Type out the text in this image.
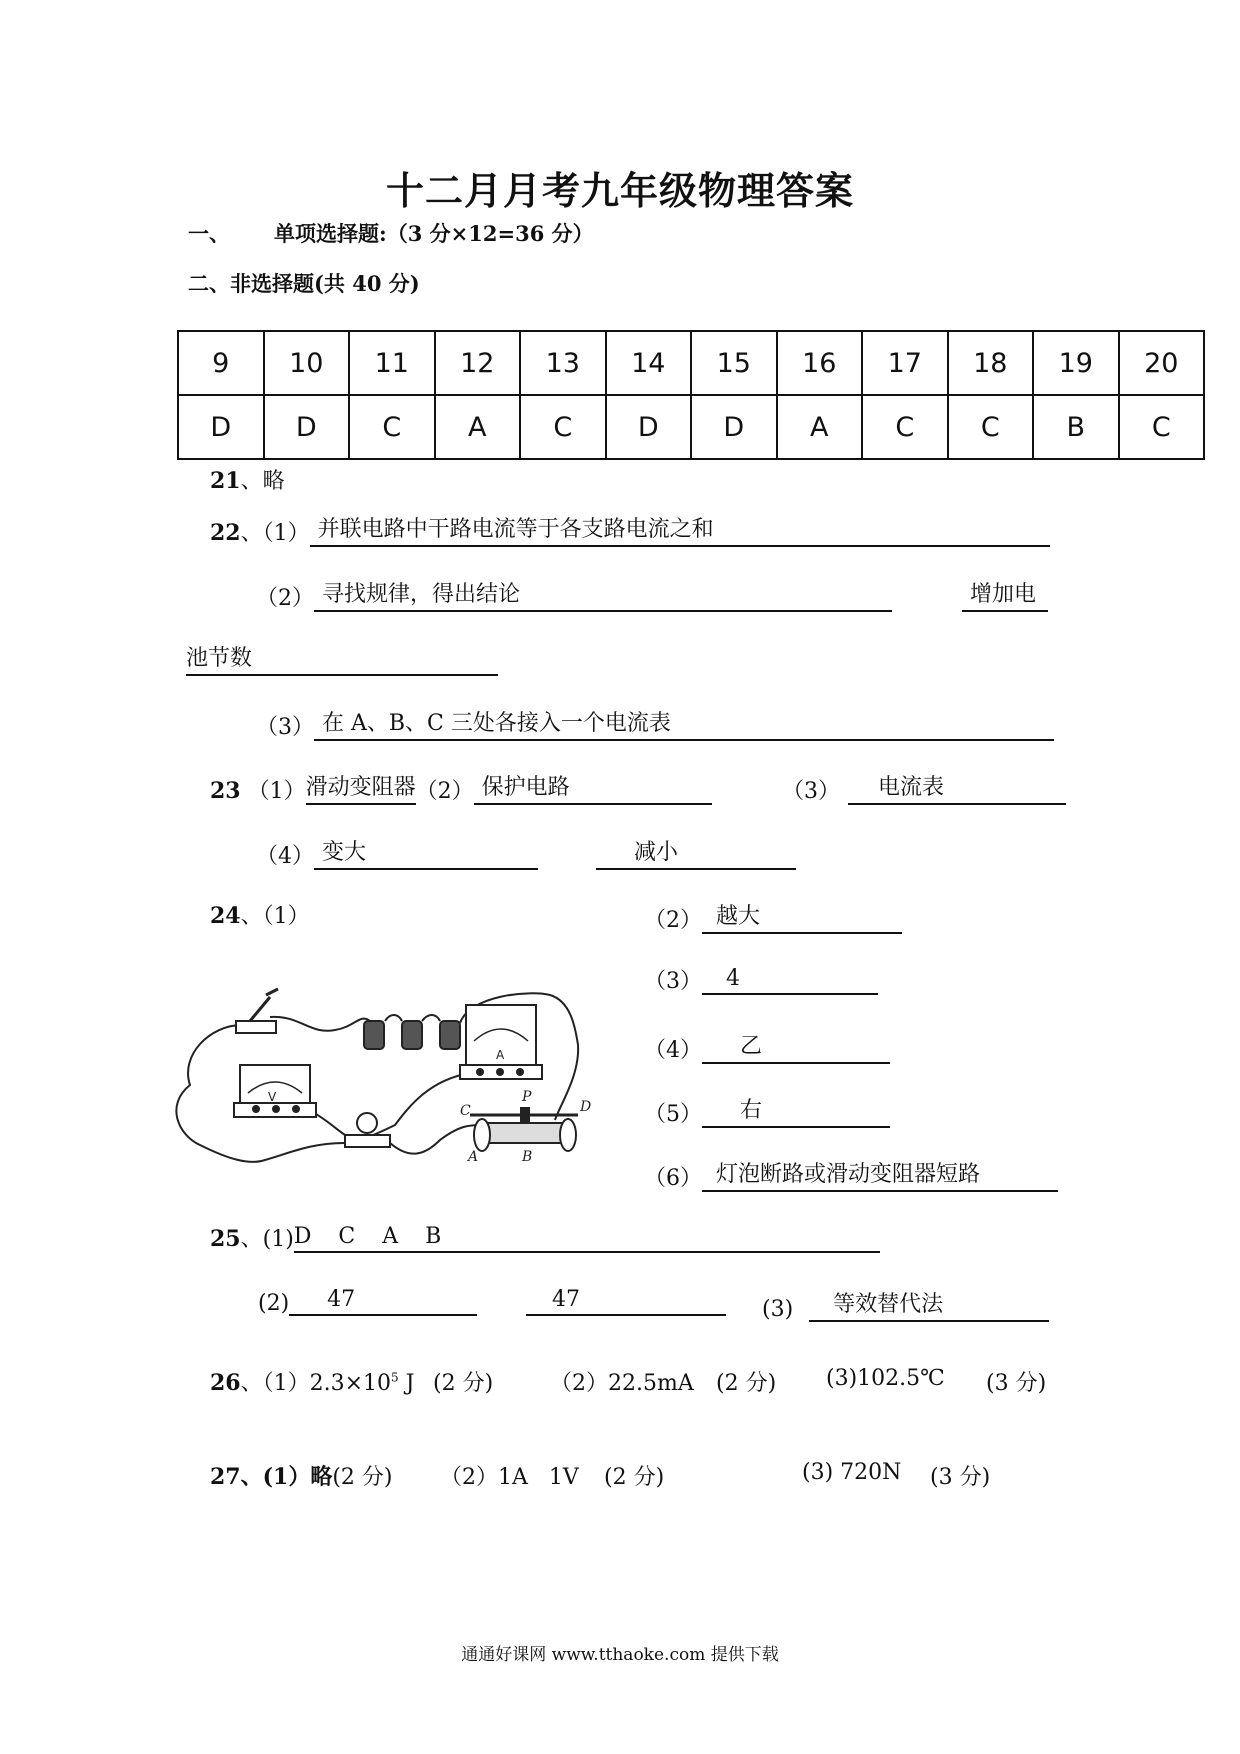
十二月月考九年级物理答案
一、 单项选择题:（3 分×12=36 分）
二、非选择题(共 40 分)
9	10	11	12	13	14	15	16	17	18	19	20
D	D	C	A	C	D	D	A	C	C	B	C
21、略
22、（1） 并联电路中干路电流等于各支路电流之和
（2） 寻找规律，得出结论	增加电
池节数
（3） 在 A、B、C 三处各接入一个电流表
23 （1）滑动变阻器（2） 保护电路	（3） 电流表
（4） 变大	减小
24、（1）	（2） 越大
（3） 4
（4） 乙
（5） 右
（6） 灯泡断路或滑动变阻器短路
A
V
C
P
D
A	B
25、(1)D C A B
(2) 47	47	(3) 等效替代法
26、$(1)2.3\times 10^5$ J (2 分)	（2）22.5mA (2 分) (3)102.5℃ (3 分)
27、(1）略(2 分) （2）1A 1V (2 分)	(3) 720N (3 分)
通通好课网 www.tthaoke.com 提供下载
